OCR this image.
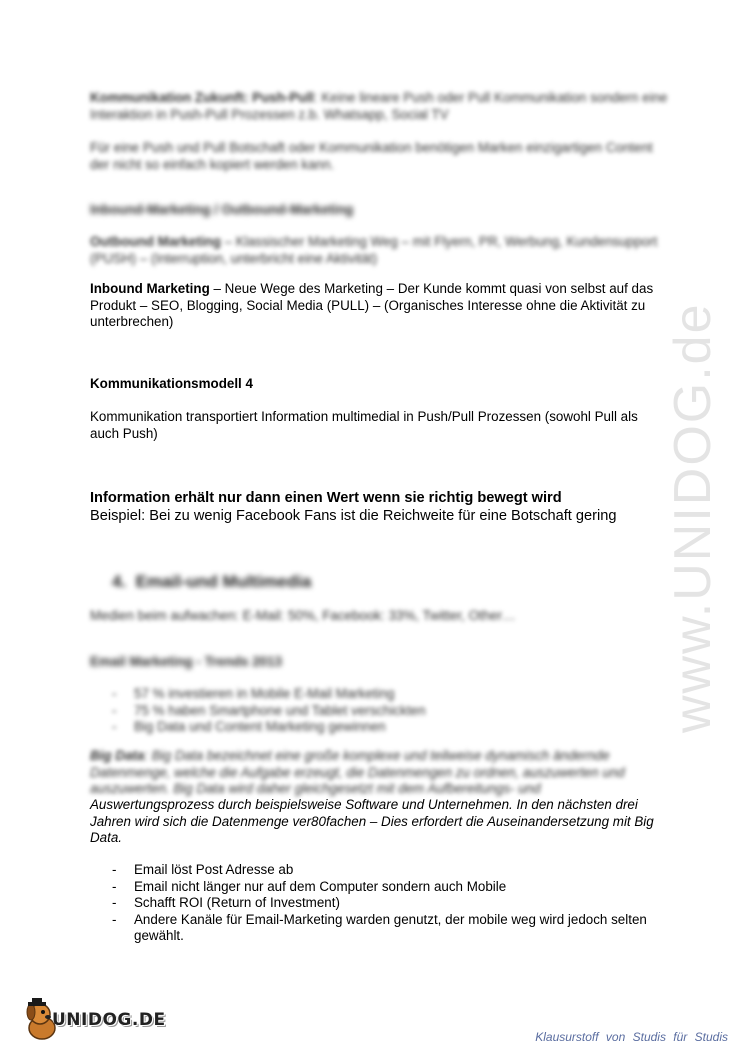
Kommunikation Zukunft: Push-Pull: Keine lineare Push oder Pull Kommunikation sondern eine Interaktion in Push-Pull Prozessen z.b. Whatsapp, Social TV

Für eine Push und Pull Botschaft oder Kommunikation benötigen Marken einzigartigen Content der nicht so einfach kopiert werden kann.

Inbound-Marketing / Outbound-Marketing

Outbound Marketing – Klassischer Marketing Weg – mit Flyern, PR, Werbung, Kundensupport (PUSH) – (Interruption, unterbricht eine Aktivität)

Inbound Marketing – Neue Wege des Marketing – Der Kunde kommt quasi von selbst auf das Produkt – SEO, Blogging, Social Media (PULL) – (Organisches Interesse ohne die Aktivität zu unterbrechen)

Kommunikationsmodell 4

Kommunikation transportiert Information multimedial in Push/Pull Prozessen (sowohl Pull als auch Push)

Information erhält nur dann einen Wert wenn sie richtig bewegt wird

Beispiel: Bei zu wenig Facebook Fans ist die Reichweite für eine Botschaft gering

4. Email-und Multimedia

Medien beim aufwachen: E-Mail: 50%, Facebook: 33%, Twitter, Other…

Email Marketing - Trends 2013

- 57 % investieren in Mobile E-Mail Marketing
- 75 % haben Smartphone und Tablet verschickten
- Big Data und Content Marketing gewinnen

Big Data: Big Data bezeichnet eine große komplexe und teilweise dynamisch ändernde Datenmenge, welche die Aufgabe erzeugt, die Datenmengen zu ordnen, auszuwerten und auszuwerten. Big Data wird daher gleichgesetzt mit dem Aufbereitungs- und

Auswertungsprozess durch beispielsweise Software und Unternehmen. In den nächsten drei Jahren wird sich die Datenmenge ver80fachen – Dies erfordert die Auseinandersetzung mit Big Data.

- Email löst Post Adresse ab
- Email nicht länger nur auf dem Computer sondern auch Mobile
- Schafft ROI (Return of Investment)
- Andere Kanäle für Email-Marketing warden genutzt, der mobile weg wird jedoch selten gewählt.
www.UNIDOG.de
UNIDOG.DE
Klausurstoff von Studis für Studis
